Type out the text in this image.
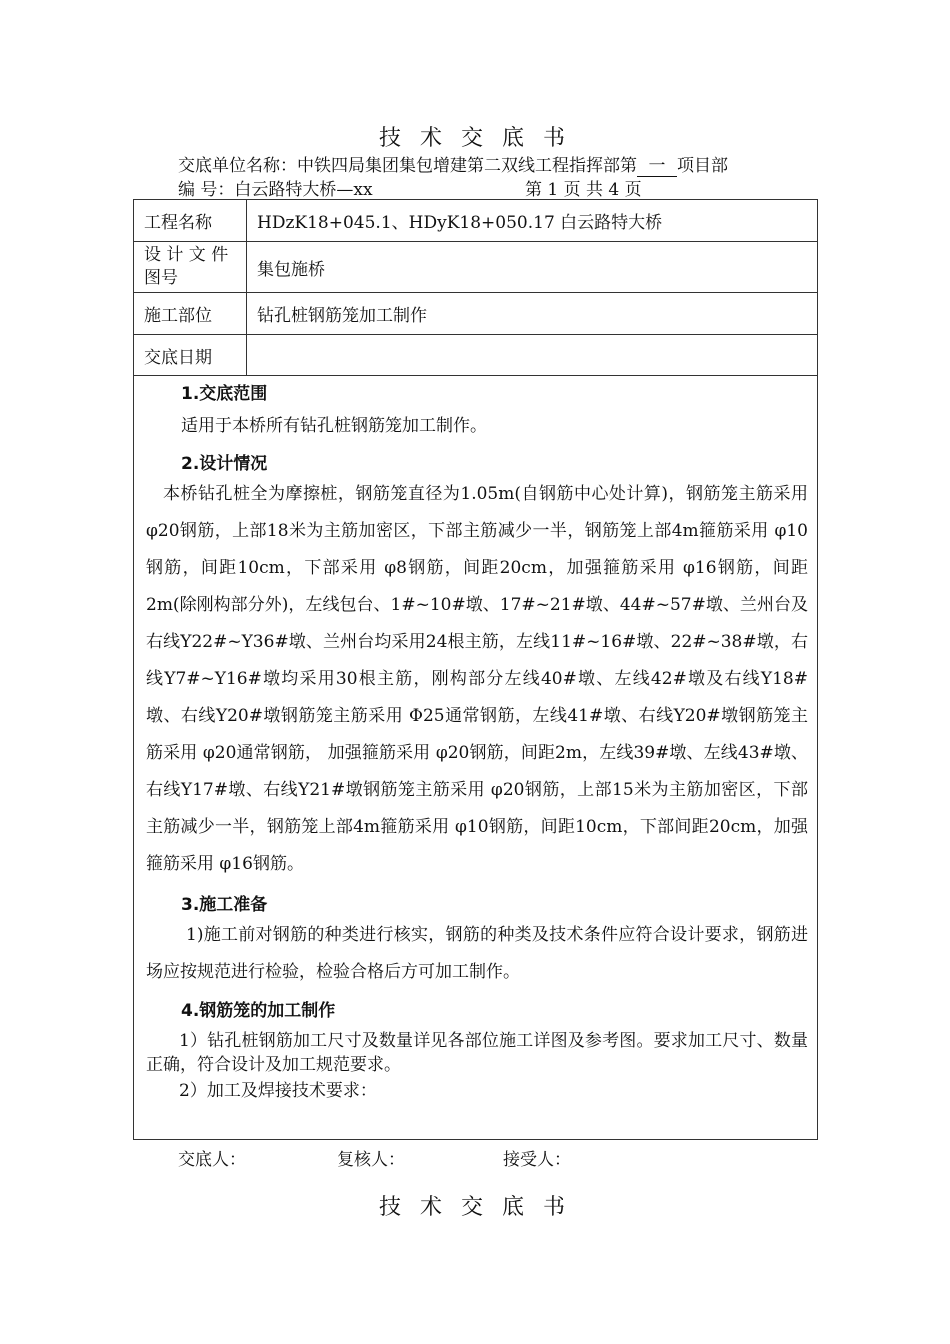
技 术 交 底 书
交底单位名称：中铁四局集团集包增建第二双线工程指挥部第 一 项目部
编 号：白云路特大桥—xx	第 1 页 共 4 页
工程名称	HDzK18+045.1、HDyK18+050.17 白云路特大桥
设 计 文 件 图号	集包施桥
施工部位	钻孔桩钢筋笼加工制作
交底日期	
1.交底范围
适用于本桥所有钻孔桩钢筋笼加工制作。
2.设计情况
本桥钻孔桩全为摩擦桩，钢筋笼直径为1.05m(自钢筋中心处计算)，钢筋笼主筋采用 φ20钢筋，上部18米为主筋加密区，下部主筋减少一半，钢筋笼上部4m箍筋采用 φ10钢筋，间距10cm，下部采用 φ8钢筋，间距20cm，加强箍筋采用 φ16钢筋，间距2m(除刚构部分外)，左线包台、1#~10#墩、17#~21#墩、44#~57#墩、兰州台及右线Y22#~Y36#墩、兰州台均采用24根主筋，左线11#~16#墩、22#~38#墩，右线Y7#~Y16#墩均采用30根主筋，刚构部分左线40#墩、左线42#墩及右线Y18#墩、右线Y20#墩钢筋笼主筋采用 Φ25通常钢筋，左线41#墩、右线Y20#墩钢筋笼主筋采用 φ20通常钢筋， 加强箍筋采用 φ20钢筋，间距2m，左线39#墩、左线43#墩、右线Y17#墩、右线Y21#墩钢筋笼主筋采用 φ20钢筋，上部15米为主筋加密区，下部主筋减少一半，钢筋笼上部4m箍筋采用 φ10钢筋，间距10cm，下部间距20cm，加强箍筋采用 φ16钢筋。
3.施工准备
1)施工前对钢筋的种类进行核实，钢筋的种类及技术条件应符合设计要求，钢筋进场应按规范进行检验，检验合格后方可加工制作。
4.钢筋笼的加工制作
1）钻孔桩钢筋加工尺寸及数量详见各部位施工详图及参考图。要求加工尺寸、数量正确，符合设计及加工规范要求。
2）加工及焊接技术要求：
交底人：	复核人：	接受人：
技 术 交 底 书
